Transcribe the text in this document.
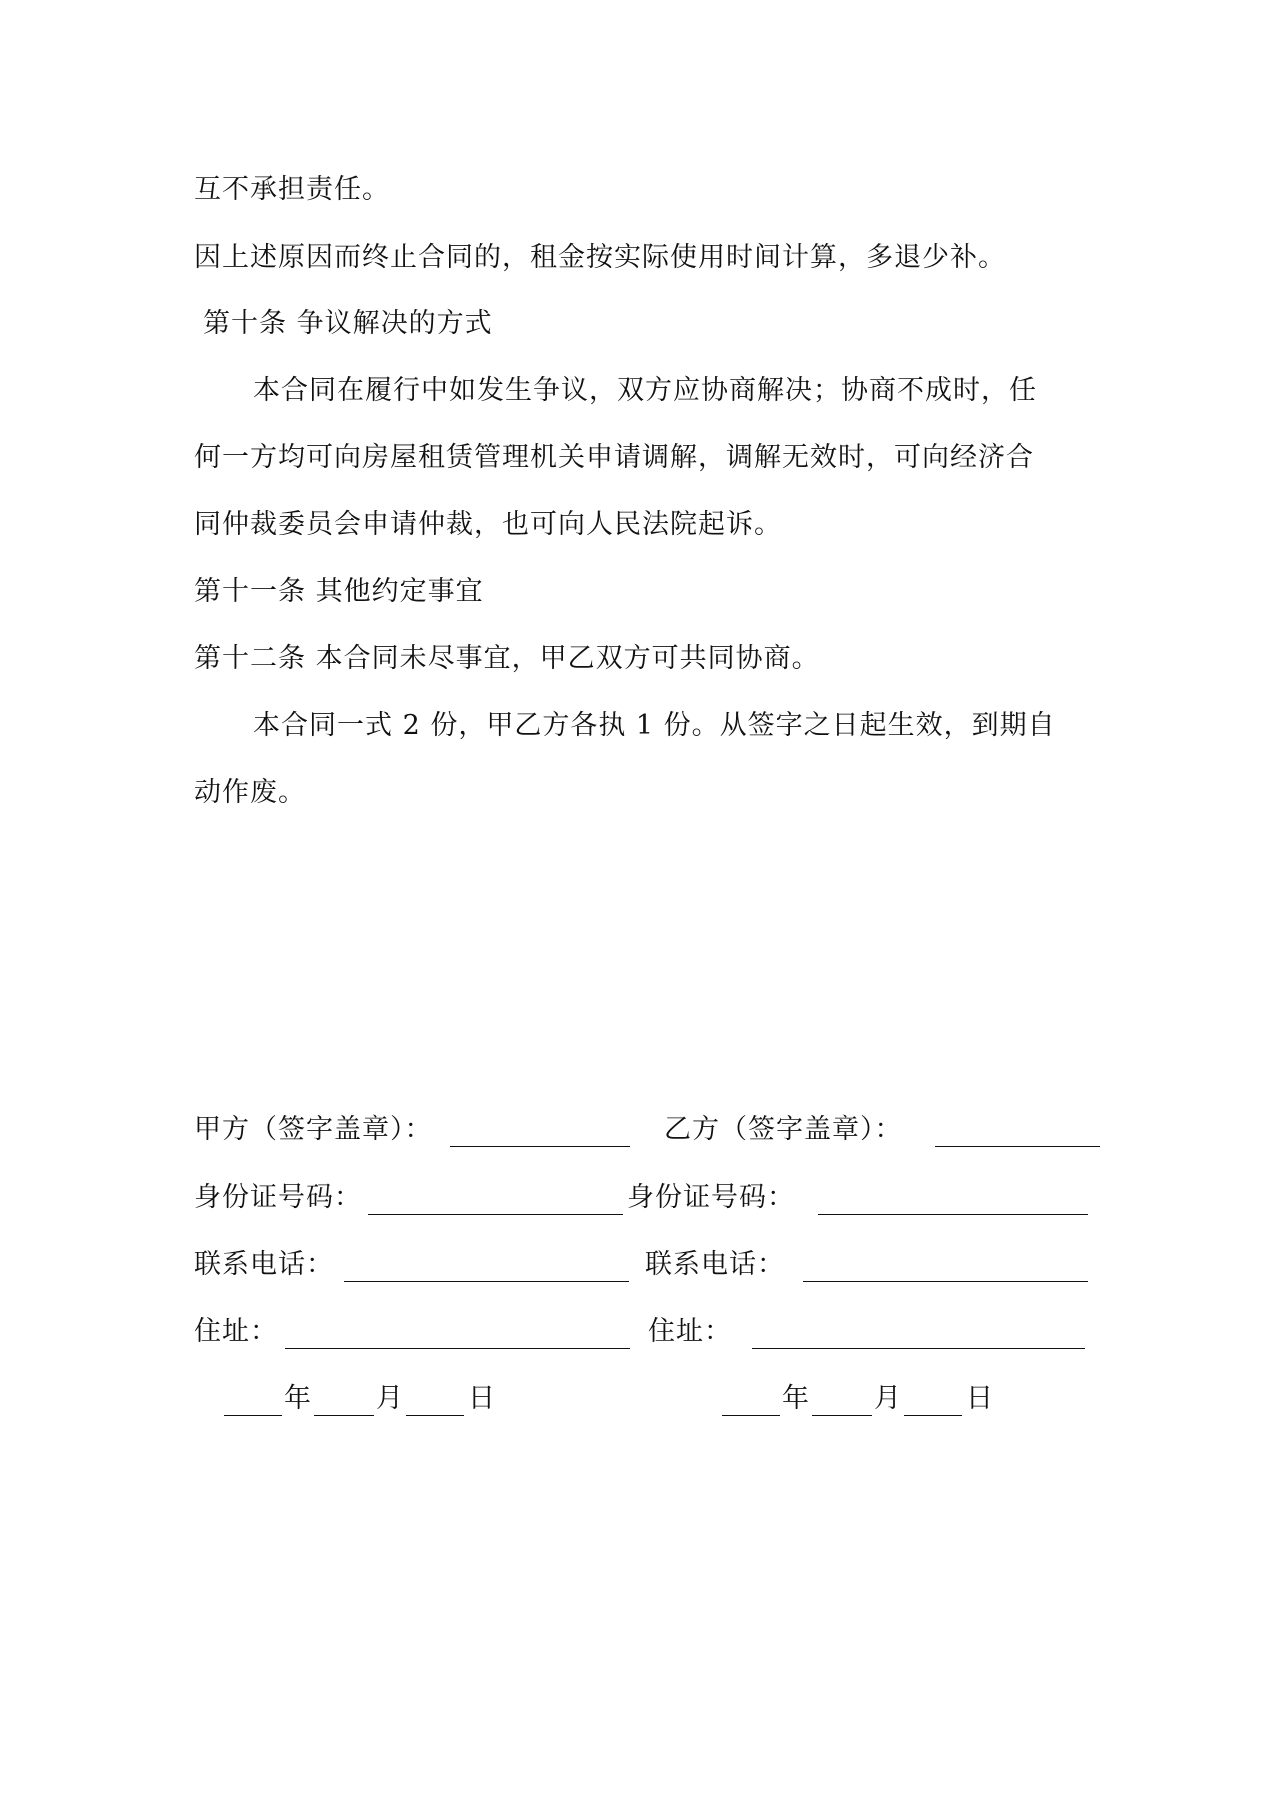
互不承担责任。
因上述原因而终止合同的，租金按实际使用时间计算，多退少补。
第十条 争议解决的方式
本合同在履行中如发生争议，双方应协商解决；协商不成时，任
何一方均可向房屋租赁管理机关申请调解，调解无效时，可向经济合
同仲裁委员会申请仲裁，也可向人民法院起诉。
第十一条 其他约定事宜
第十二条 本合同未尽事宜，甲乙双方可共同协商。
本合同一式 2 份，甲乙方各执 1 份。从签字之日起生效，到期自
动作废。
甲方（签字盖章）：	乙方（签字盖章）：
身份证号码：	身份证号码：
联系电话：	联系电话：
住址：	住址：
年 月 日	年 月 日
